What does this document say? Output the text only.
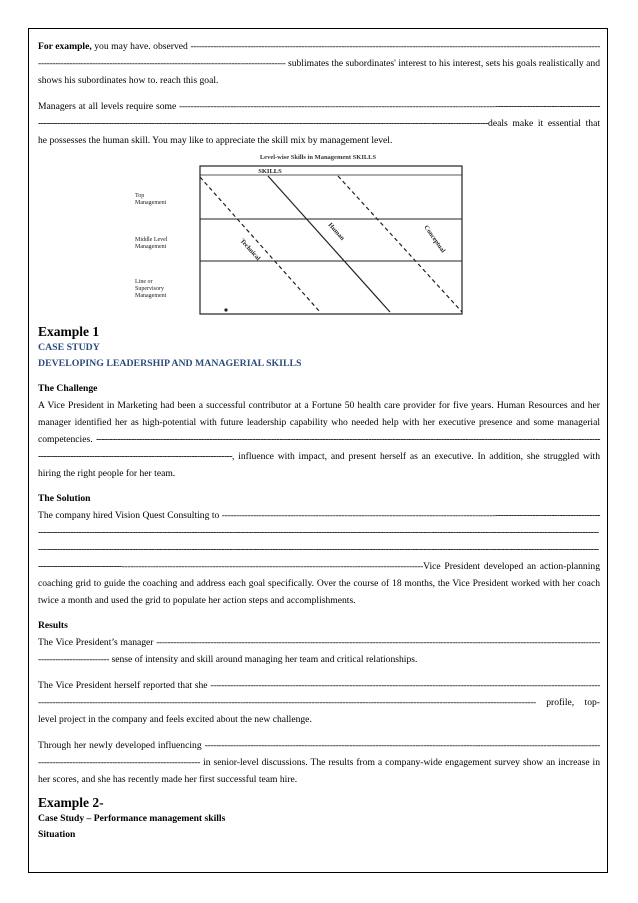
For example, you may have. observed --------------------------------------------------------------------------------------------------------------------------------------------------------------------------------------------------------------------------------------- sublimates the subordinates' interest to his interest, sets his goals realistically and shows his subordinates how to. reach this goal.

Managers at all levels require some -----------------------------------------------------------------------------------------------------------------------------------------------------------------------------------------------------------------------------------------------------------------------------------------------------------------------------deals make it essential that he possesses the human skill. You may like to appreciate the skill mix by management level.

Level-wise Skills in Management SKILLS
SKILLS
Top Management
Middle Level Management
Line or Supervisory Management
Conceptual
Human
Technical
Example 1
CASE STUDY
DEVELOPING LEADERSHIP AND MANAGERIAL SKILLS
The Challenge

A Vice President in Marketing had been a successful contributor at a Fortune 50 health care provider for five years. Human Resources and her manager identified her as high-potential with future leadership capability who needed help with her executive presence and some managerial competencies. -------------------------------------------------------------------------------------------------------------------------------------------------------------------------------------------------------------------------------------------------------------------, influence with impact, and present herself as an executive. In addition, she struggled with hiring the right people for her team.

The Solution

The company hired Vision Quest Consulting to ----------------------------------------------------------------------------------------------------------------------------------------------------------------------------------------------------------------------------------------------------------------------------------------------------------------------------------------------------------------------------------------------------------------------------------------------------------------------------------------------------------------------------------------------------------------------------------------------------------------------------------------------------------------------------------------------------------------Vice President developed an action-planning coaching grid to guide the coaching and address each goal specifically. Over the course of 18 months, the Vice President worked with her coach twice a month and used the grid to populate her action steps and accomplishments.

Results

The Vice President’s manager ------------------------------------------------------------------------------------------------------------------------------------------------------------------------------------- sense of intensity and skill around managing her team and critical relationships.

The Vice President herself reported that she ------------------------------------------------------------------------------------------------------------------------------------------------------------------------------------------------------------------------------------------------------------------------------------------------------------------------ profile, top-level project in the company and feels excited about the new challenge.

Through her newly developed influencing ---------------------------------------------------------------------------------------------------------------------------------------------------------------------------------------------------- in senior-level discussions. The results from a company-wide engagement survey show an increase in her scores, and she has recently made her first successful team hire.

Example 2-
Case Study – Performance management skills
Situation
